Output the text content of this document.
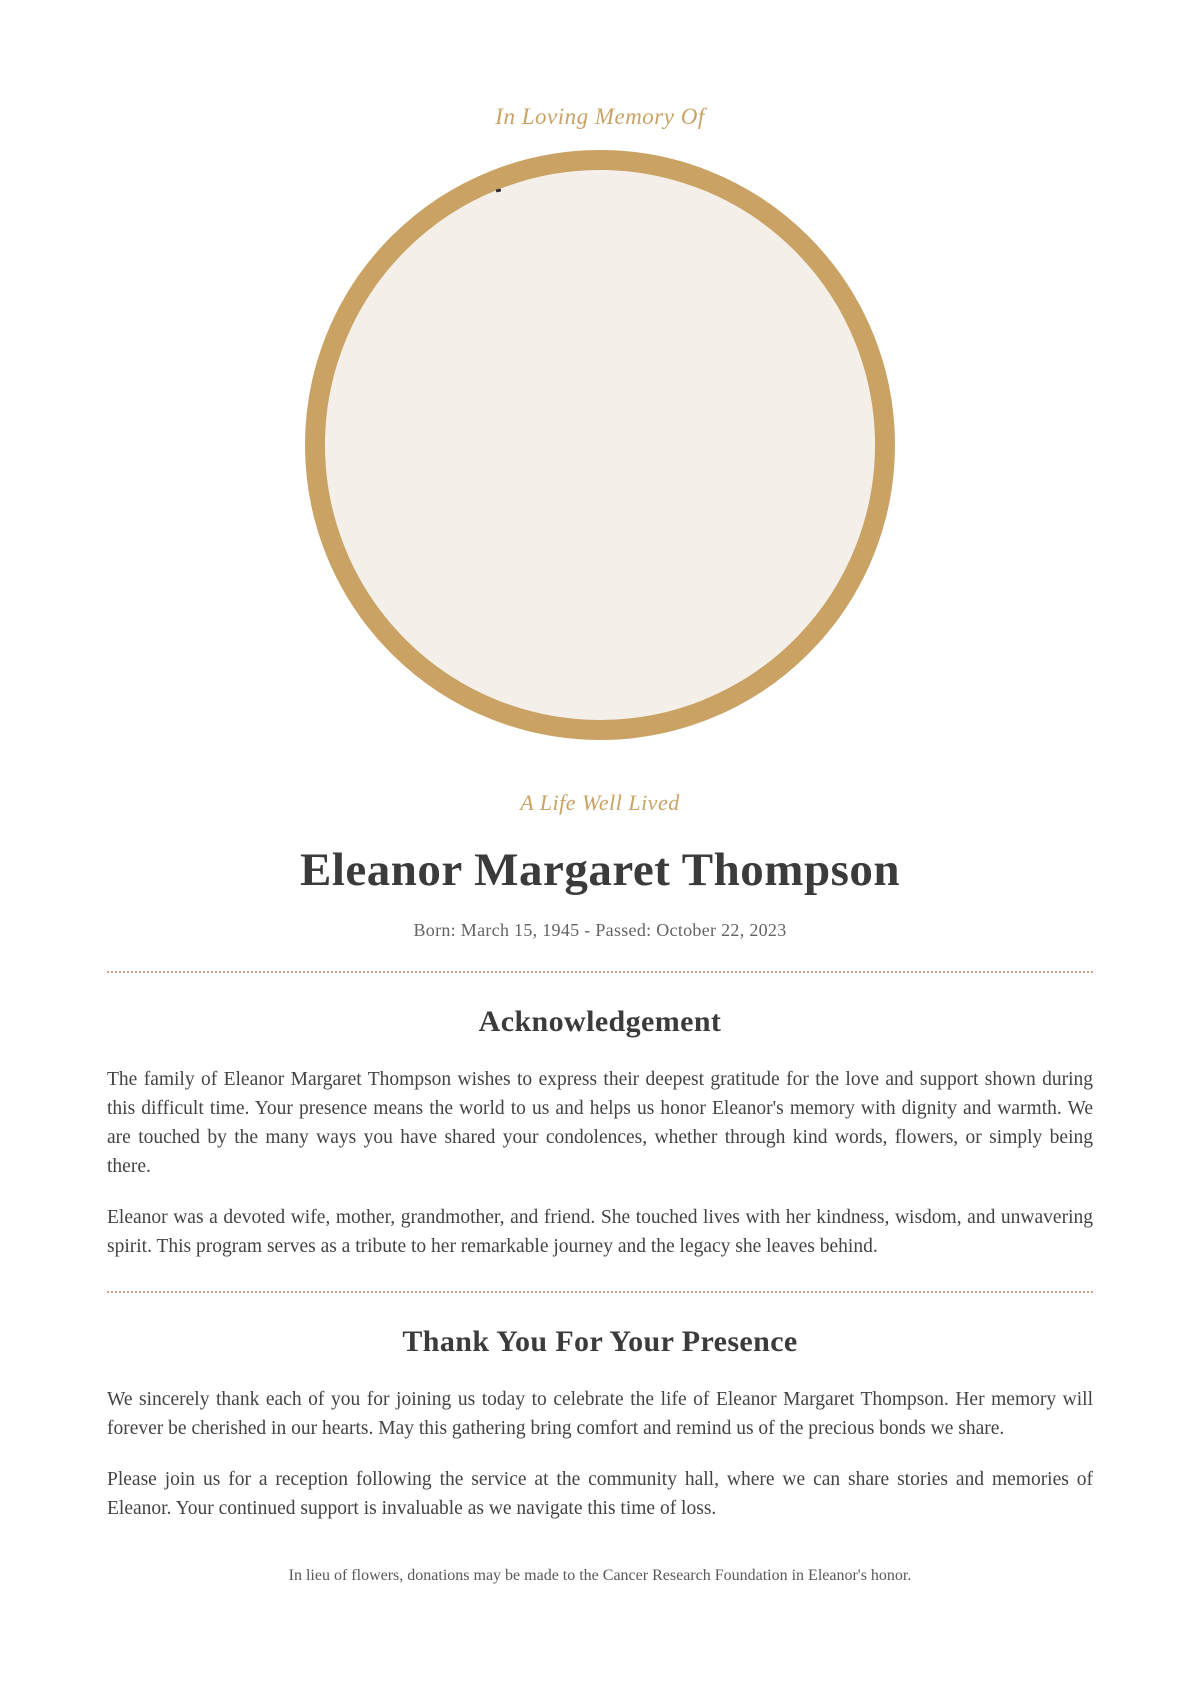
In Loving Memory Of
A Life Well Lived
Eleanor Margaret Thompson
Born: March 15, 1945 - Passed: October 22, 2023
Acknowledgement

The family of Eleanor Margaret Thompson wishes to express their deepest gratitude for the love and support shown during this difficult time. Your presence means the world to us and helps us honor Eleanor's memory with dignity and warmth. We are touched by the many ways you have shared your condolences, whether through kind words, flowers, or simply being there.

Eleanor was a devoted wife, mother, grandmother, and friend. She touched lives with her kindness, wisdom, and unwavering spirit. This program serves as a tribute to her remarkable journey and the legacy she leaves behind.

Thank You For Your Presence

We sincerely thank each of you for joining us today to celebrate the life of Eleanor Margaret Thompson. Her memory will forever be cherished in our hearts. May this gathering bring comfort and remind us of the precious bonds we share.

Please join us for a reception following the service at the community hall, where we can share stories and memories of Eleanor. Your continued support is invaluable as we navigate this time of loss.

In lieu of flowers, donations may be made to the Cancer Research Foundation in Eleanor's honor.
